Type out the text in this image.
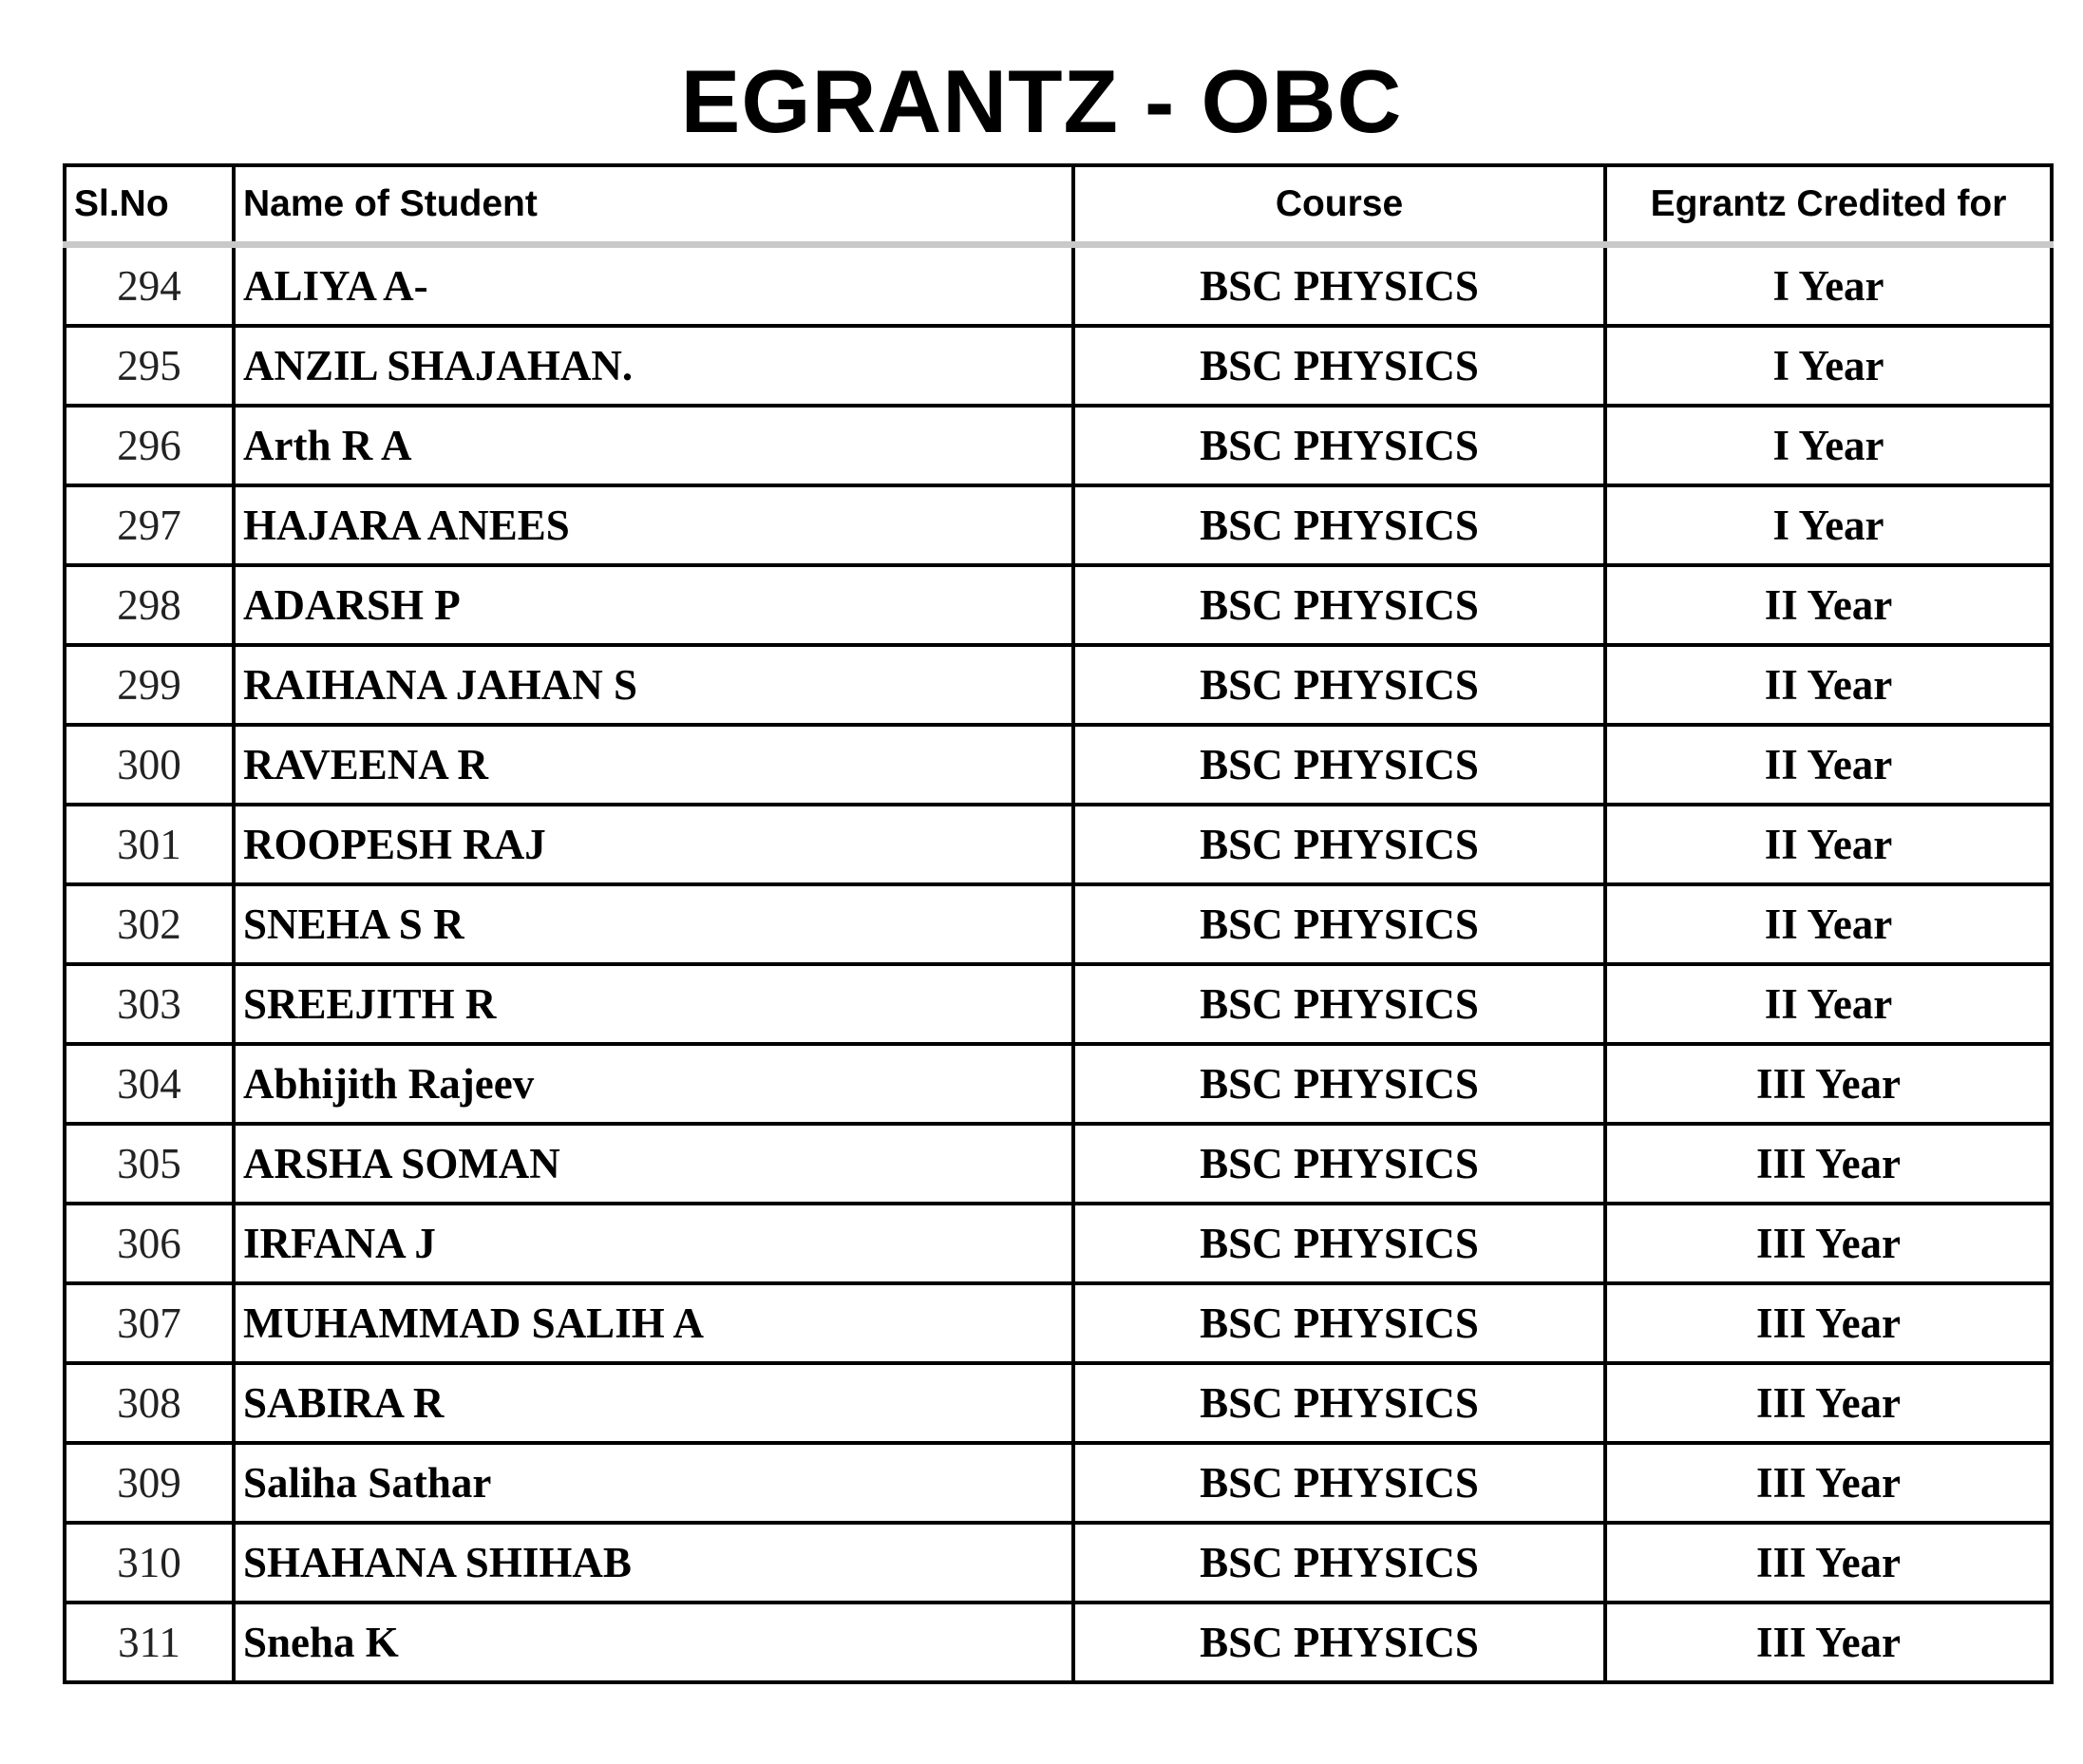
EGRANTZ - OBC
Sl.No	Name of Student	Course	Egrantz Credited for
294	ALIYA A-	BSC PHYSICS	I Year
295	ANZIL SHAJAHAN.	BSC PHYSICS	I Year
296	Arth R A	BSC PHYSICS	I Year
297	HAJARA ANEES	BSC PHYSICS	I Year
298	ADARSH P	BSC PHYSICS	II Year
299	RAIHANA JAHAN S	BSC PHYSICS	II Year
300	RAVEENA R	BSC PHYSICS	II Year
301	ROOPESH RAJ	BSC PHYSICS	II Year
302	SNEHA S R	BSC PHYSICS	II Year
303	SREEJITH R	BSC PHYSICS	II Year
304	Abhijith Rajeev	BSC PHYSICS	III Year
305	ARSHA SOMAN	BSC PHYSICS	III Year
306	IRFANA J	BSC PHYSICS	III Year
307	MUHAMMAD SALIH A	BSC PHYSICS	III Year
308	SABIRA R	BSC PHYSICS	III Year
309	Saliha Sathar	BSC PHYSICS	III Year
310	SHAHANA SHIHAB	BSC PHYSICS	III Year
311	Sneha K	BSC PHYSICS	III Year
